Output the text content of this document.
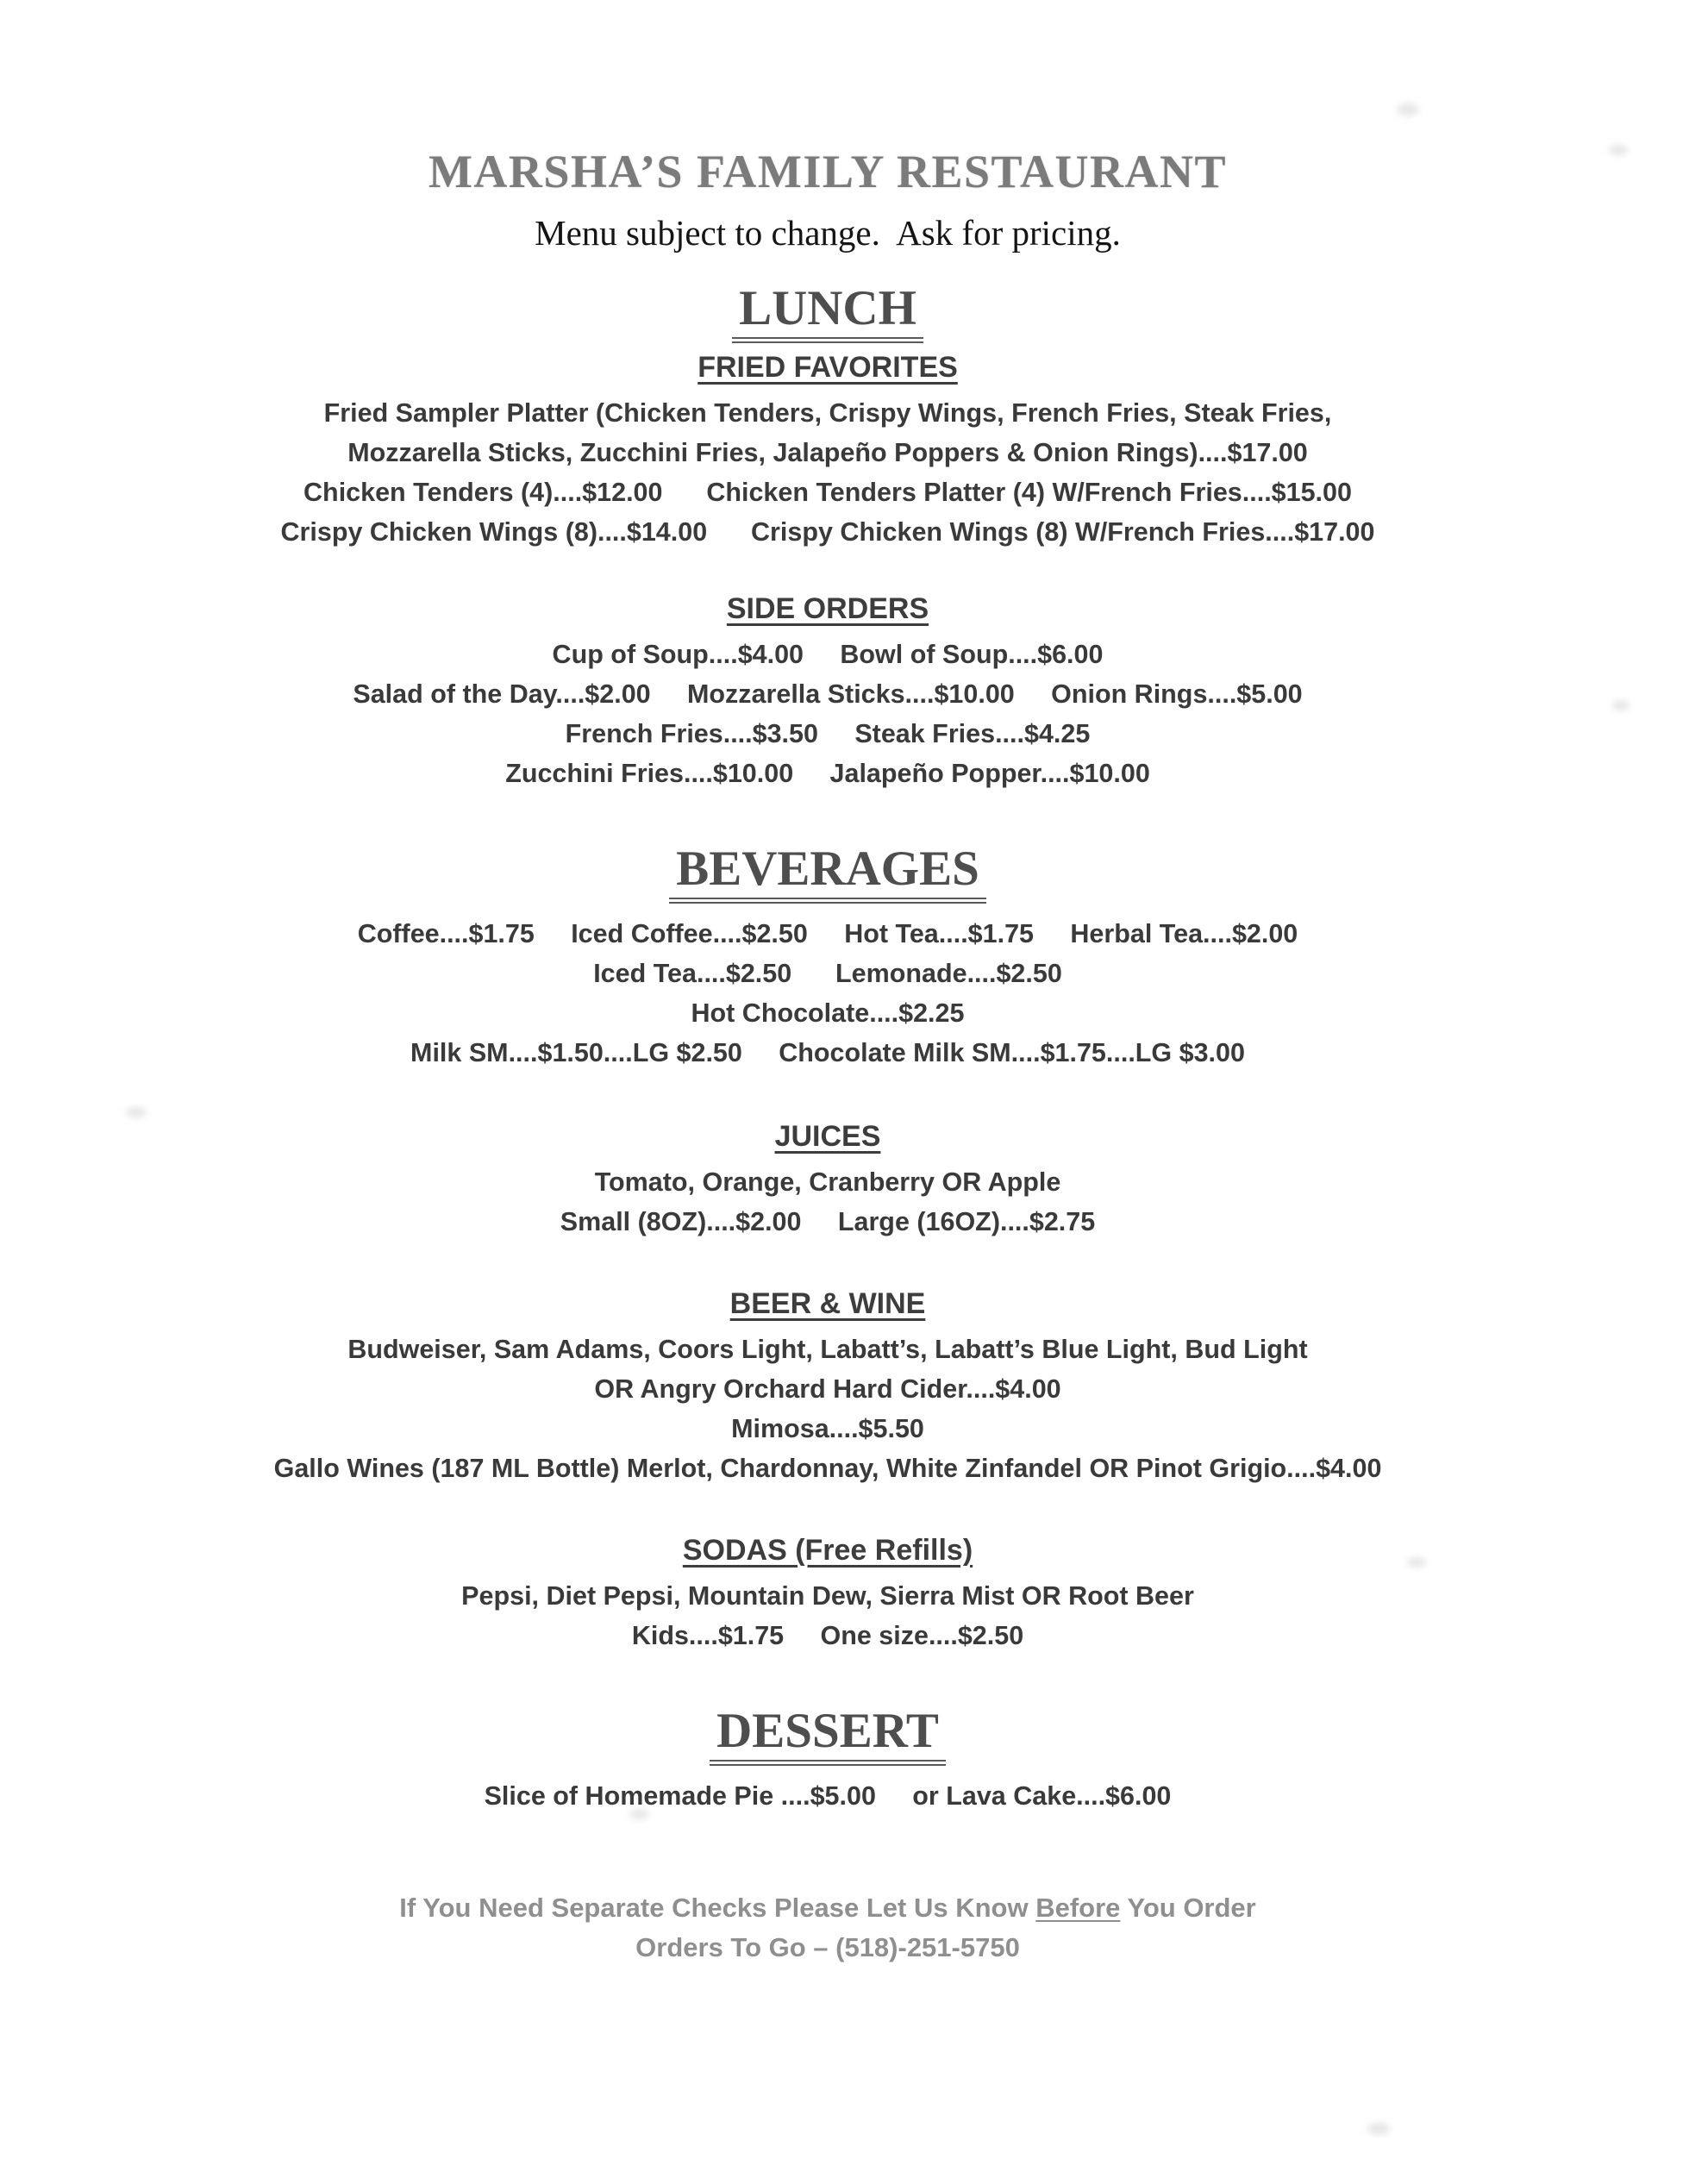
MARSHA’S FAMILY RESTAURANT

Menu subject to change.  Ask for pricing.

LUNCH
FRIED FAVORITES

Fried Sampler Platter (Chicken Tenders, Crispy Wings, French Fries, Steak Fries,

Mozzarella Sticks, Zucchini Fries, Jalapeño Poppers & Onion Rings)....$17.00

Chicken Tenders (4)....$12.00      Chicken Tenders Platter (4) W/French Fries....$15.00

Crispy Chicken Wings (8)....$14.00      Crispy Chicken Wings (8) W/French Fries....$17.00

SIDE ORDERS

Cup of Soup....$4.00     Bowl of Soup....$6.00

Salad of the Day....$2.00     Mozzarella Sticks....$10.00     Onion Rings....$5.00

French Fries....$3.50     Steak Fries....$4.25

Zucchini Fries....$10.00     Jalapeño Popper....$10.00

BEVERAGES

Coffee....$1.75     Iced Coffee....$2.50     Hot Tea....$1.75     Herbal Tea....$2.00

Iced Tea....$2.50      Lemonade....$2.50

Hot Chocolate....$2.25

Milk SM....$1.50....LG $2.50     Chocolate Milk SM....$1.75....LG $3.00

JUICES

Tomato, Orange, Cranberry OR Apple

Small (8OZ)....$2.00     Large (16OZ)....$2.75

BEER & WINE

Budweiser, Sam Adams, Coors Light, Labatt’s, Labatt’s Blue Light, Bud Light

OR Angry Orchard Hard Cider....$4.00

Mimosa....$5.50

Gallo Wines (187 ML Bottle) Merlot, Chardonnay, White Zinfandel OR Pinot Grigio....$4.00

SODAS (Free Refills)

Pepsi, Diet Pepsi, Mountain Dew, Sierra Mist OR Root Beer

Kids....$1.75     One size....$2.50

DESSERT

Slice of Homemade Pie ....$5.00     or Lava Cake....$6.00

If You Need Separate Checks Please Let Us Know Before You Order

Orders To Go – (518)-251-5750
